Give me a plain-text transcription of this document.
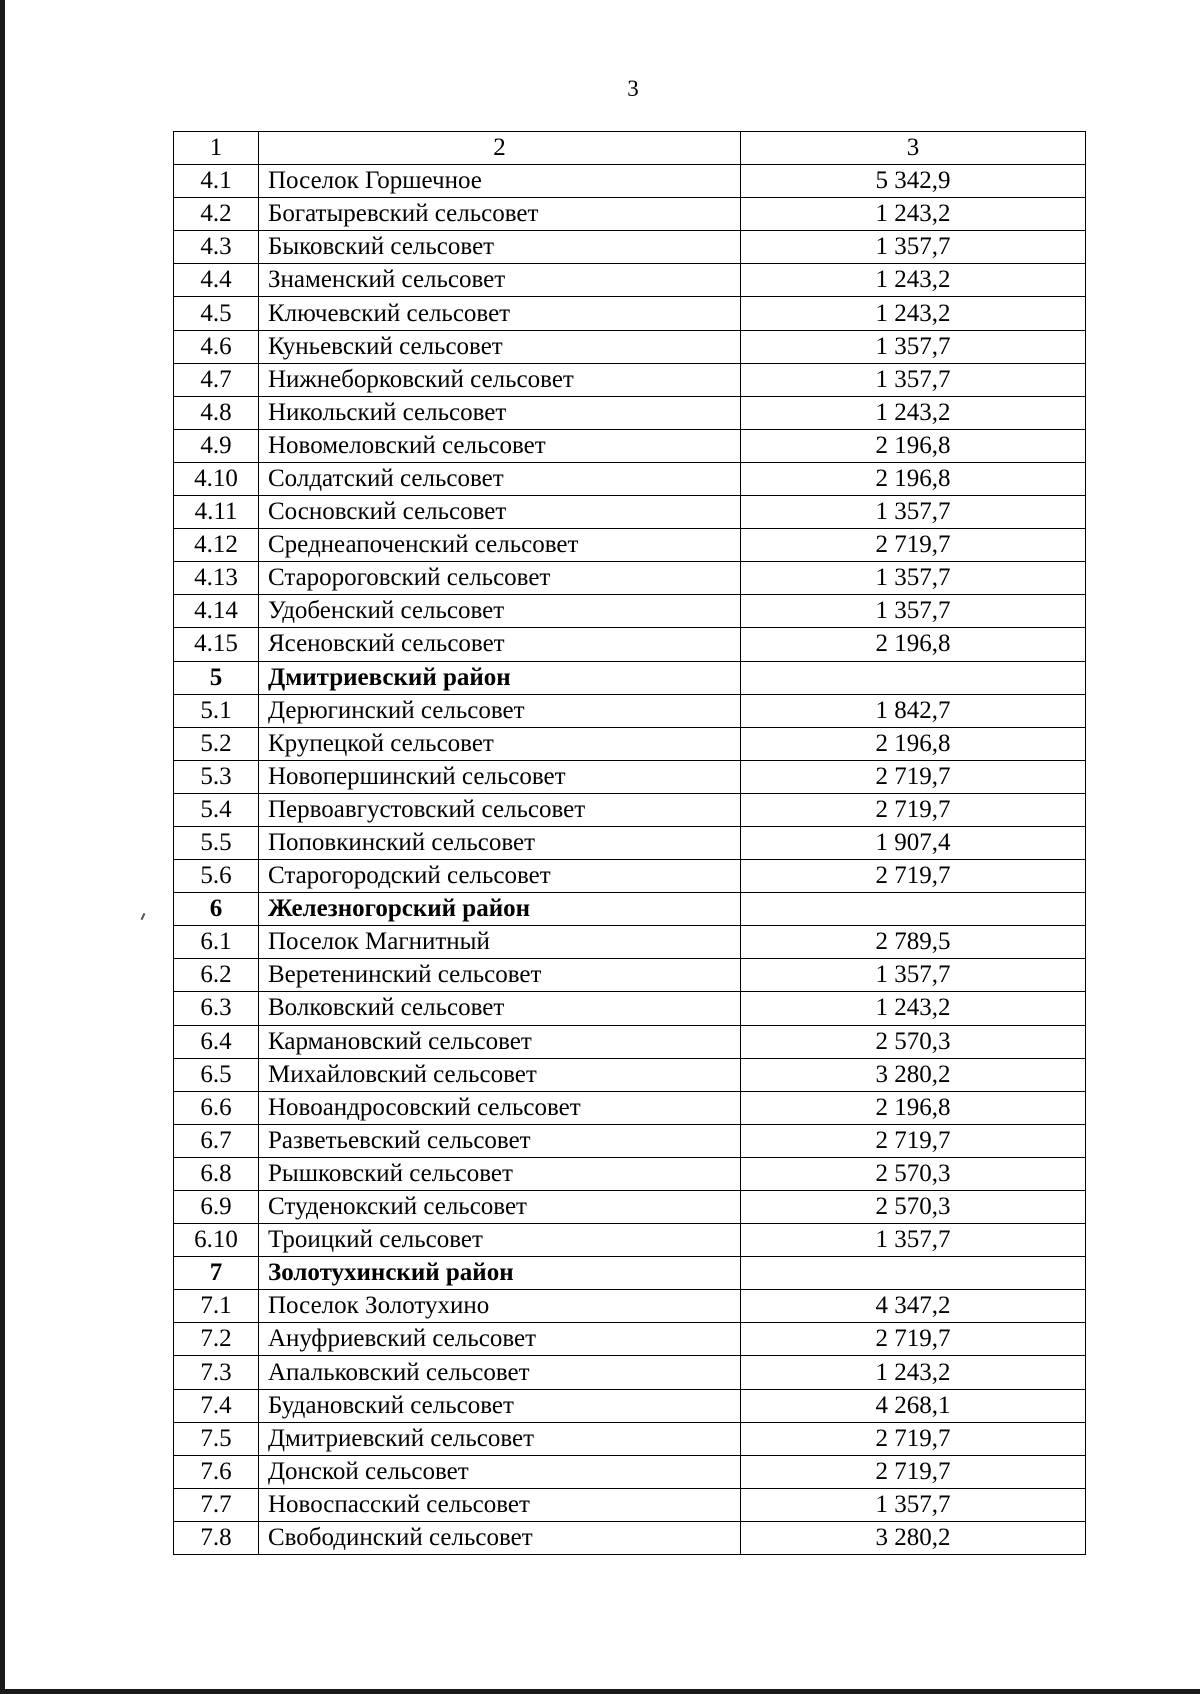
3
1	2	3
4.1	Поселок Горшечное	5 342,9
4.2	Богатыревский сельсовет	1 243,2
4.3	Быковский сельсовет	1 357,7
4.4	Знаменский сельсовет	1 243,2
4.5	Ключевский сельсовет	1 243,2
4.6	Куньевский сельсовет	1 357,7
4.7	Нижнеборковский сельсовет	1 357,7
4.8	Никольский сельсовет	1 243,2
4.9	Новомеловский сельсовет	2 196,8
4.10	Солдатский сельсовет	2 196,8
4.11	Сосновский сельсовет	1 357,7
4.12	Среднеапоченский сельсовет	2 719,7
4.13	Старороговский сельсовет	1 357,7
4.14	Удобенский сельсовет	1 357,7
4.15	Ясеновский сельсовет	2 196,8
5	Дмитриевский район	
5.1	Дерюгинский сельсовет	1 842,7
5.2	Крупецкой сельсовет	2 196,8
5.3	Новопершинский сельсовет	2 719,7
5.4	Первоавгустовский сельсовет	2 719,7
5.5	Поповкинский сельсовет	1 907,4
5.6	Старогородский сельсовет	2 719,7
6	Железногорский район	
6.1	Поселок Магнитный	2 789,5
6.2	Веретенинский сельсовет	1 357,7
6.3	Волковский сельсовет	1 243,2
6.4	Кармановский сельсовет	2 570,3
6.5	Михайловский сельсовет	3 280,2
6.6	Новоандросовский сельсовет	2 196,8
6.7	Разветьевский сельсовет	2 719,7
6.8	Рышковский сельсовет	2 570,3
6.9	Студенокский сельсовет	2 570,3
6.10	Троицкий сельсовет	1 357,7
7	Золотухинский район	
7.1	Поселок Золотухино	4 347,2
7.2	Ануфриевский сельсовет	2 719,7
7.3	Апальковский сельсовет	1 243,2
7.4	Будановский сельсовет	4 268,1
7.5	Дмитриевский сельсовет	2 719,7
7.6	Донской сельсовет	2 719,7
7.7	Новоспасский сельсовет	1 357,7
7.8	Свободинский сельсовет	3 280,2
